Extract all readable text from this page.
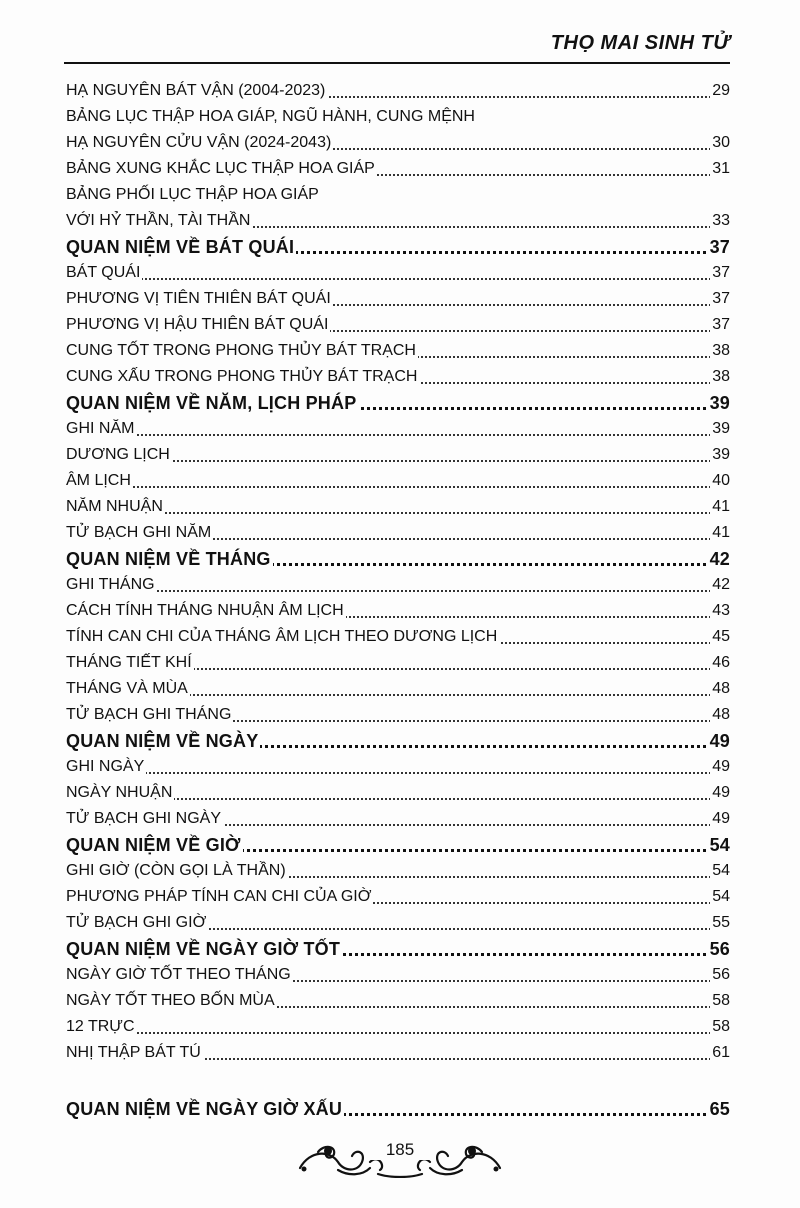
THỌ MAI SINH TỬ
HẠ NGUYÊN BÁT VẬN (2004-2023)	29
BẢNG LỤC THẬP HOA GIÁP, NGŨ HÀNH, CUNG MỆNH
HẠ NGUYÊN CỬU VẬN (2024-2043)	30
BẢNG XUNG KHẮC LỤC THẬP HOA GIÁP	31
BẢNG PHỐI LỤC THẬP HOA GIÁP
VỚI HỶ THẦN, TÀI THẦN	33
QUAN NIỆM VỀ BÁT QUÁI	37
BÁT QUÁI	37
PHƯƠNG VỊ TIÊN THIÊN BÁT QUÁI	37
PHƯƠNG VỊ HẬU THIÊN BÁT QUÁI	37
CUNG TỐT TRONG PHONG THỦY BÁT TRẠCH	38
CUNG XẤU TRONG PHONG THỦY BÁT TRẠCH	38
QUAN NIỆM VỀ NĂM, LỊCH PHÁP	39
GHI NĂM	39
DƯƠNG LỊCH	39
ÂM LỊCH	40
NĂM NHUẬN	41
TỬ BẠCH GHI NĂM	41
QUAN NIỆM VỀ THÁNG	42
GHI THÁNG	42
CÁCH TÍNH THÁNG NHUẬN ÂM LỊCH	43
TÍNH CAN CHI CỦA THÁNG ÂM LỊCH THEO DƯƠNG LỊCH	45
THÁNG TIẾT KHÍ	46
THÁNG VÀ MÙA	48
TỬ BẠCH GHI THÁNG	48
QUAN NIỆM VỀ NGÀY	49
GHI NGÀY	49
NGÀY NHUẬN	49
TỬ BẠCH GHI NGÀY	49
QUAN NIỆM VỀ GIỜ	54
GHI GIỜ (CÒN GỌI LÀ THẦN)	54
PHƯƠNG PHÁP TÍNH CAN CHI CỦA GIỜ	54
TỬ BẠCH GHI GIỜ	55
QUAN NIỆM VỀ NGÀY GIỜ TỐT	56
NGÀY GIỜ TỐT THEO THÁNG	56
NGÀY TỐT THEO BỐN MÙA	58
12 TRỰC	58
NHỊ THẬP BÁT TÚ	61
QUAN NIỆM VỀ NGÀY GIỜ XẤU	65
185
